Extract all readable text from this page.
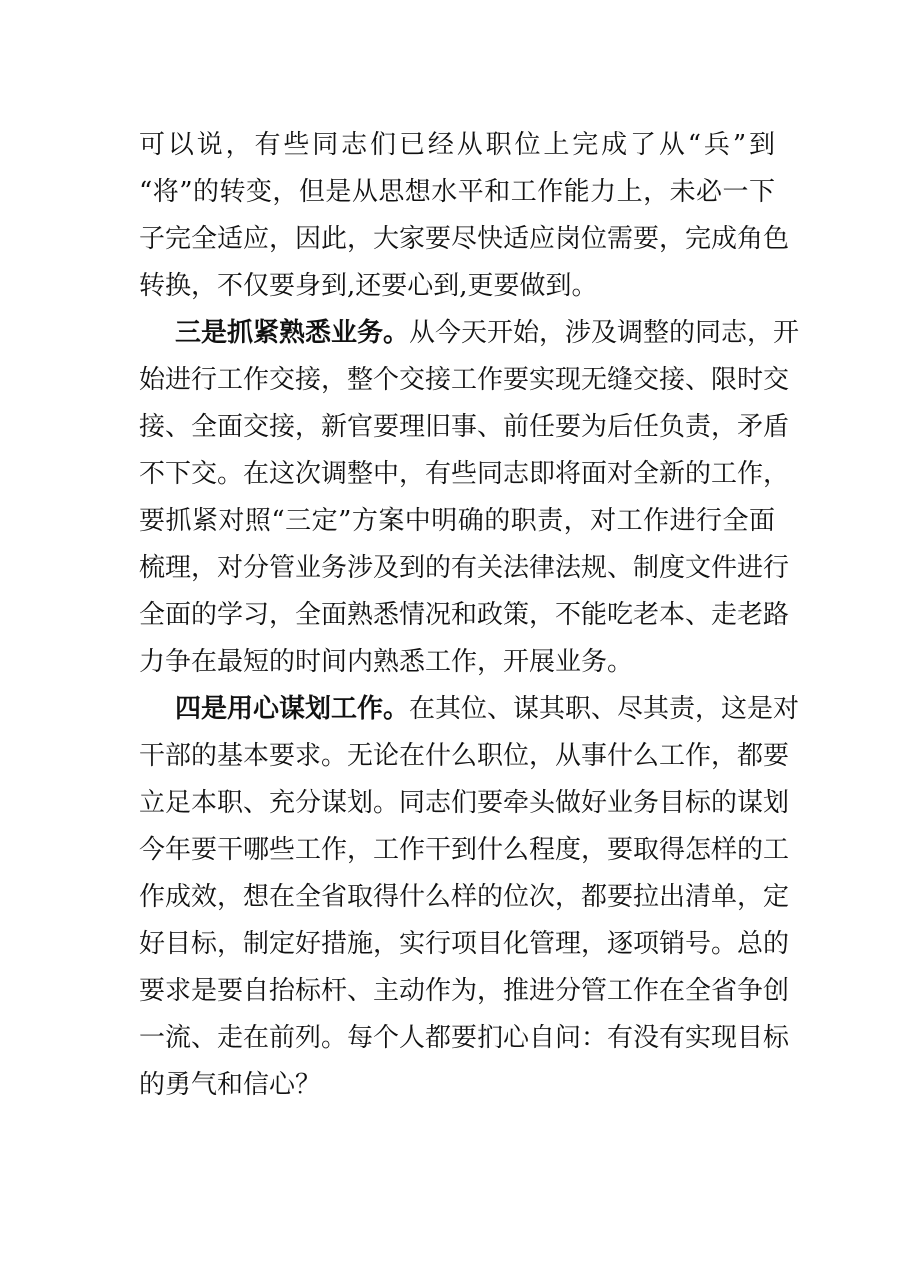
可以说，有些同志们已经从职位上完成了从“兵”到
“将”的转变，但是从思想水平和工作能力上，未必一下
子完全适应，因此，大家要尽快适应岗位需要，完成角色
转换，不仅要身到,还要心到,更要做到。
三是抓紧熟悉业务。从今天开始，涉及调整的同志，开
始进行工作交接，整个交接工作要实现无缝交接、限时交
接、全面交接，新官要理旧事、前任要为后任负责，矛盾
不下交。在这次调整中，有些同志即将面对全新的工作，
要抓紧对照“三定”方案中明确的职责，对工作进行全面
梳理，对分管业务涉及到的有关法律法规、制度文件进行
全面的学习，全面熟悉情况和政策，不能吃老本、走老路
力争在最短的时间内熟悉工作，开展业务。
四是用心谋划工作。在其位、谋其职、尽其责，这是对
干部的基本要求。无论在什么职位，从事什么工作，都要
立足本职、充分谋划。同志们要牵头做好业务目标的谋划
今年要干哪些工作，工作干到什么程度，要取得怎样的工
作成效，想在全省取得什么样的位次，都要拉出清单，定
好目标，制定好措施，实行项目化管理，逐项销号。总的
要求是要自抬标杆、主动作为，推进分管工作在全省争创
一流、走在前列。每个人都要扪心自问：有没有实现目标
的勇气和信心？
